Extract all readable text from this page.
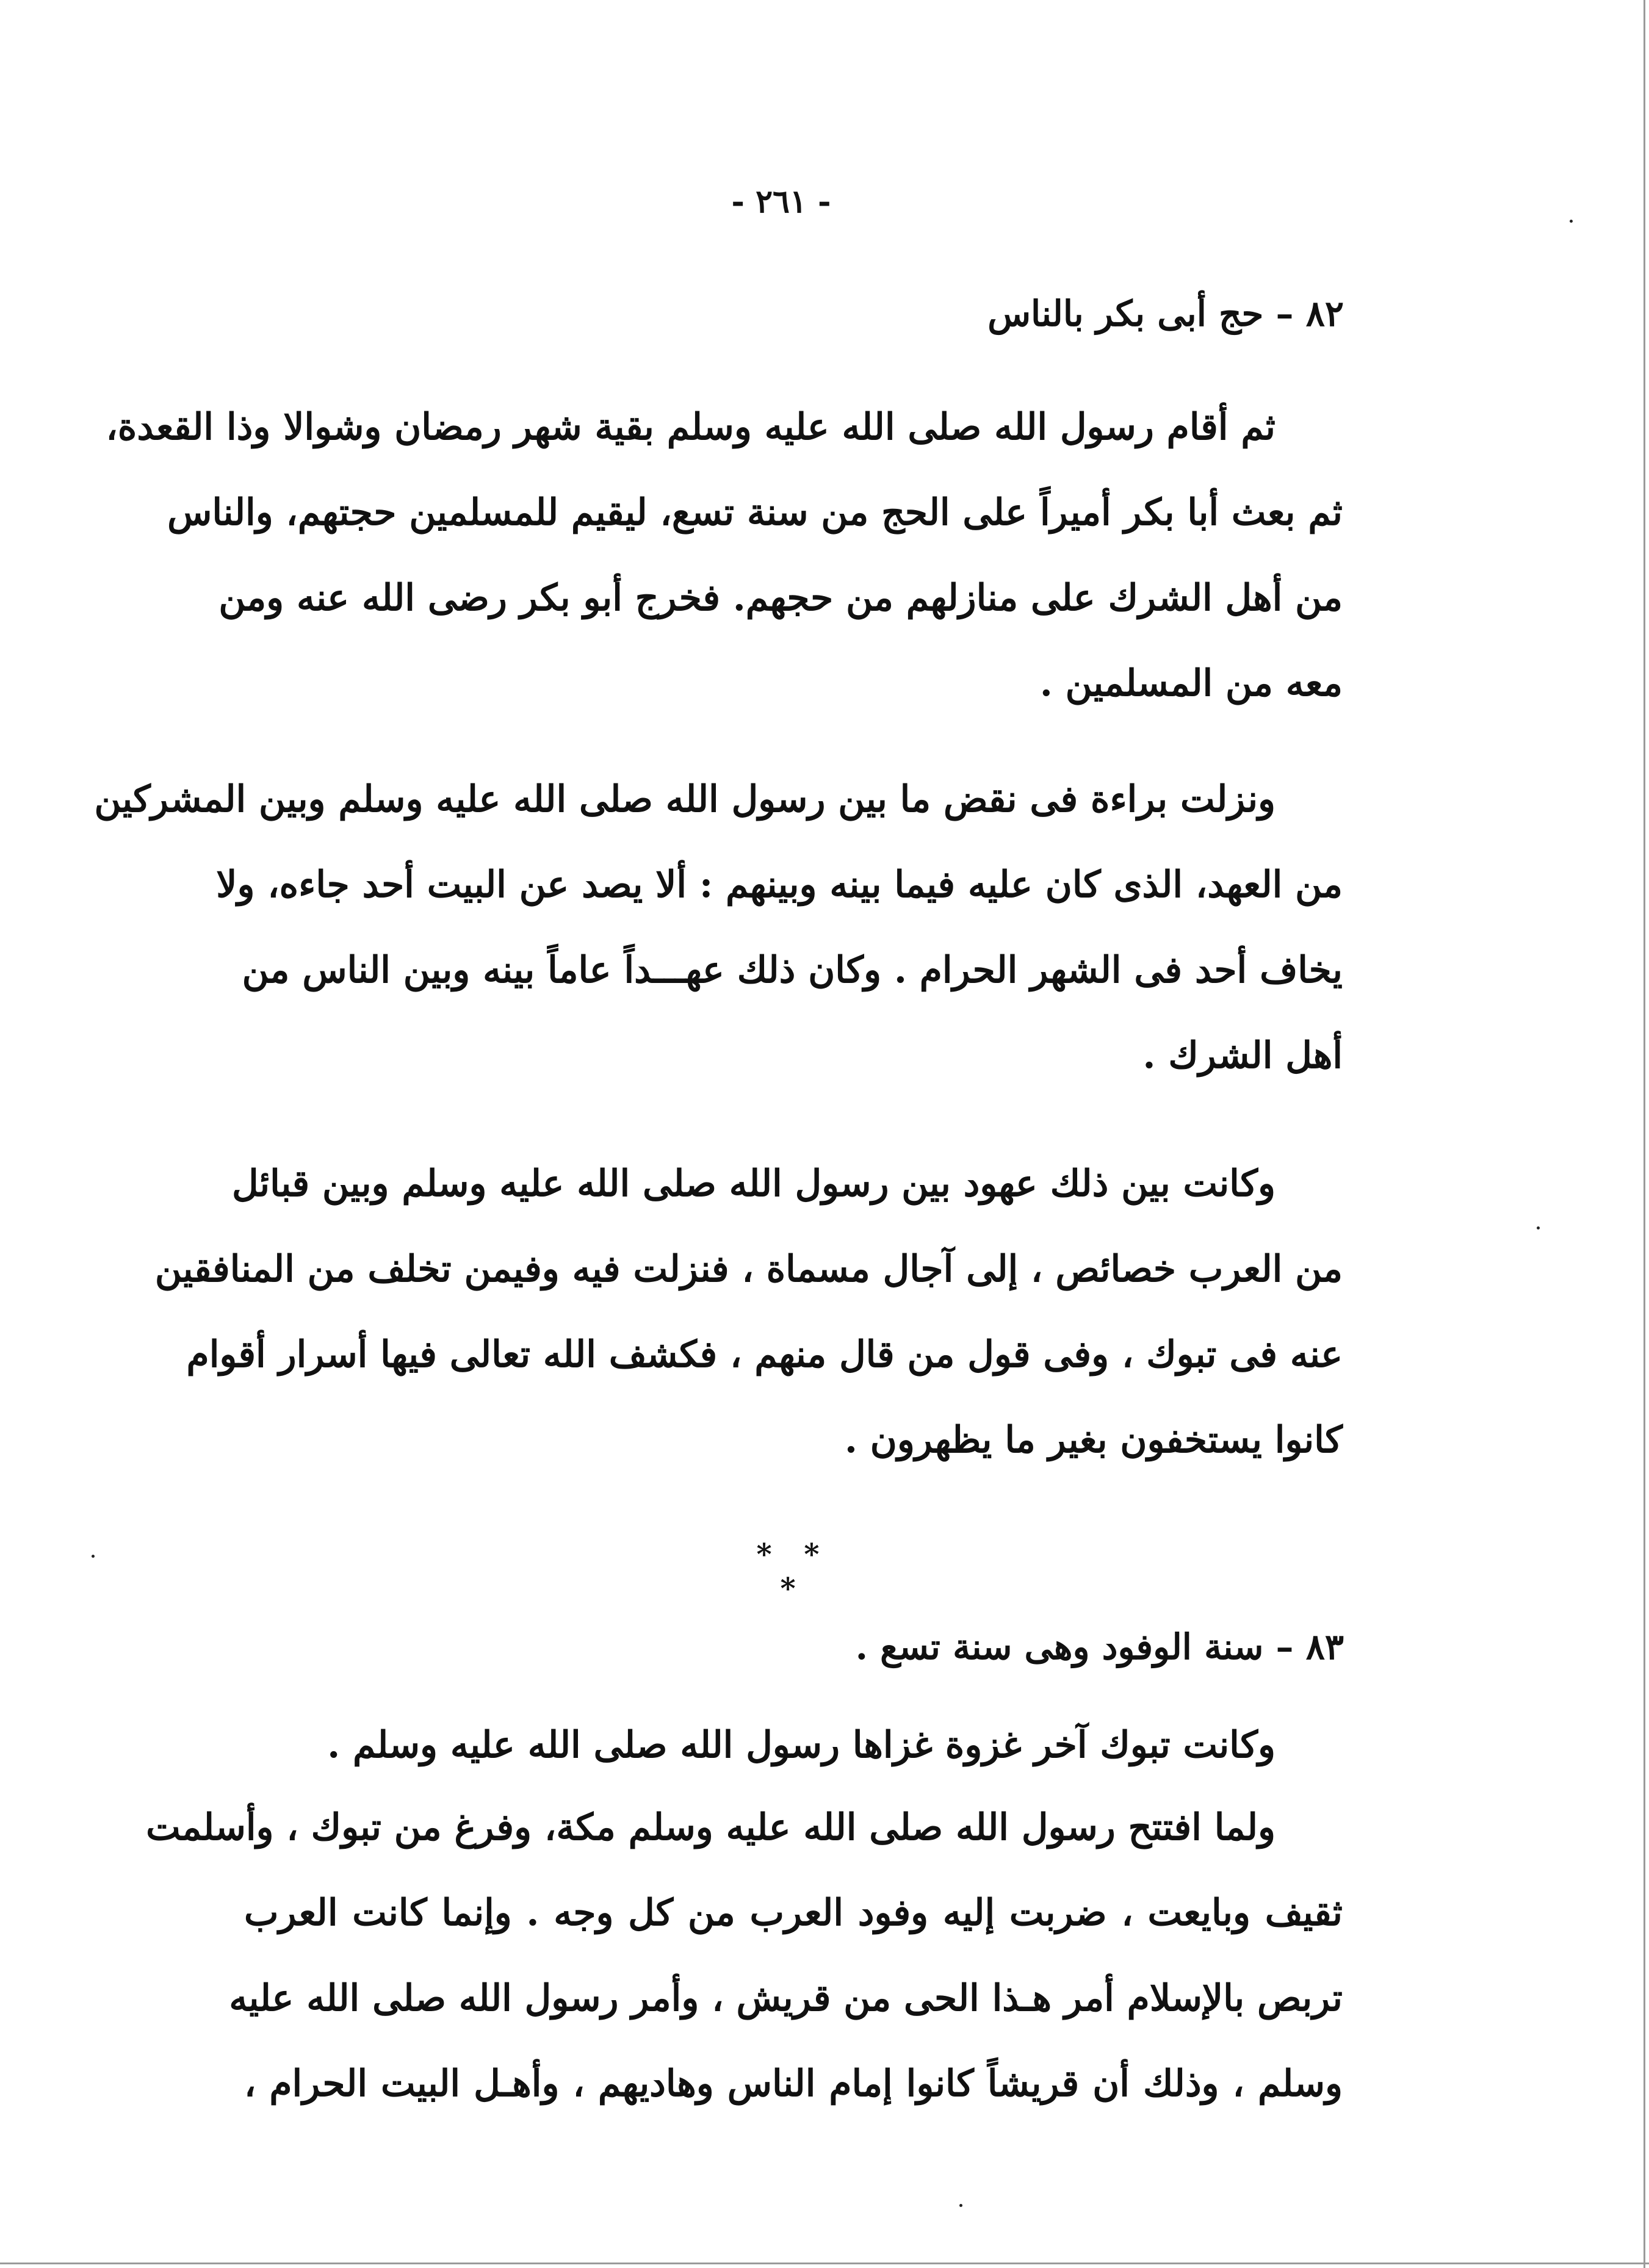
- ٢٦١ -
٨٢ – حج أبى بكر بالناس
ثم أقام رسول الله صلى الله عليه وسلم بقية شهر رمضان وشوالا وذا القعدة،
ثم بعث أبا بكر أميراً على الحج من سنة تسع، ليقيم للمسلمين حجتهم، والناس
من أهل الشرك على منازلهم من حجهم. فخرج أبو بكر رضى الله عنه ومن
معه من المسلمين .
ونزلت براءة فى نقض ما بين رسول الله صلى الله عليه وسلم وبين المشركين
من العهد، الذى كان عليه فيما بينه وبينهم : ألا يصد عن البيت أحد جاءه، ولا
يخاف أحد فى الشهر الحرام . وكان ذلك عهـــداً عاماً بينه وبين الناس من
أهل الشرك .
وكانت بين ذلك عهود بين رسول الله صلى الله عليه وسلم وبين قبائل
من العرب خصائص ، إلى آجال مسماة ، فنزلت فيه وفيمن تخلف من المنافقين
عنه فى تبوك ، وفى قول من قال منهم ، فكشف الله تعالى فيها أسرار أقوام
كانوا يستخفون بغير ما يظهرون .
* * *
٨٣ – سنة الوفود وهى سنة تسع .
وكانت تبوك آخر غزوة غزاها رسول الله صلى الله عليه وسلم .
ولما افتتح رسول الله صلى الله عليه وسلم مكة، وفرغ من تبوك ، وأسلمت
ثقيف وبايعت ، ضربت إليه وفود العرب من كل وجه . وإنما كانت العرب
تربص بالإسلام أمر هـذا الحى من قريش ، وأمر رسول الله صلى الله عليه
وسلم ، وذلك أن قريشاً كانوا إمام الناس وهاديهم ، وأهـل البيت الحرام ،
